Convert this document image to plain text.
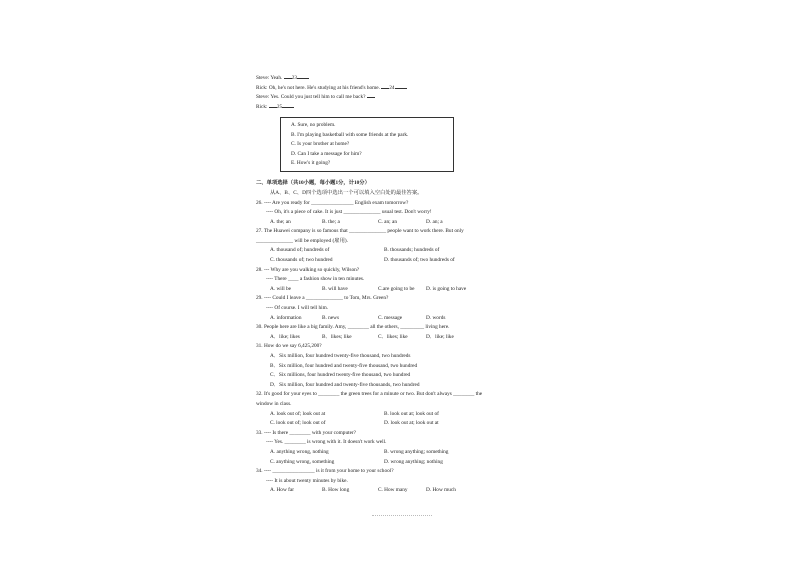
Steve: Yeah. 23
Rick: Oh, he's not here. He's studying at his friend's home. 24
Steve: Yes. Could you just tell him to call me back?
Rick: 25
A. Sure, no problem.
B. I'm playing basketball with some friends at the park.
C. Is your brother at home?
D. Can I take a message for him?
E. How's it going?
二、单项选择（共10小题，每小题1分，计10分）
从A、B、C、D四个选项中选出一个可以填入空白处的最佳答案。
26. ---- Are you ready for ________________ English exam tomorrow?
---- Oh, it's a piece of cake. It is just ______________ usual test. Don't worry!
A. the; an	B. the; a	C. an; an	D. an; a
27. The Huawei company is so famous that ______________ people want to work there. But only
______________ will be employed (雇用).
A. thousand of; hundreds of	B. thousands; hundreds of
C. thousands of; two hundred	D. thousands of; two hundreds of
28. --- Why are you walking so quickly, Wilson?
---- There ____ a fashion show in ten minutes.
A. will be	B. will have	C.are going to be D. is going to have
29. ---- Could I leave a ______________ to Tom, Mrs. Green?
---- Of course. I will tell him.
A. information	B. news	C. message	D. words
30. People here are like a big family. Amy, ________ all the others, _________ living here.
A．like; likes	B．likes; like	C．likes; like	D．like; like
31. How do we say 6,425,200?
A．Six million, four hundred twenty-five thousand, two hundreds
B．Six million, four hundred and twenty-five thousand, two hundred
C．Six millions, four hundred twenty-five thousand, two hundred
D．Six million, four hundred and twenty-five thousands, two hundred
32. It's good for your eyes to ________ the green trees for a minute or two. But don't always ________ the
window in class.
A. look out of; look out at	B. look out at; look out of
C. look out of; look out of	D. look out at; look out at
33. ---- Is there ________ with your computer?
---- Yes. ________ is wrong with it. It doesn't work well.
A. anything wrong, nothing	B. wrong anything; something
C. anything wrong, something	D. wrong anything; nothing
34. ---- ________________ is it from your home to your school?
---- It is about twenty minutes by bike.
A. How far	B. How long	C. How many	D. How much
